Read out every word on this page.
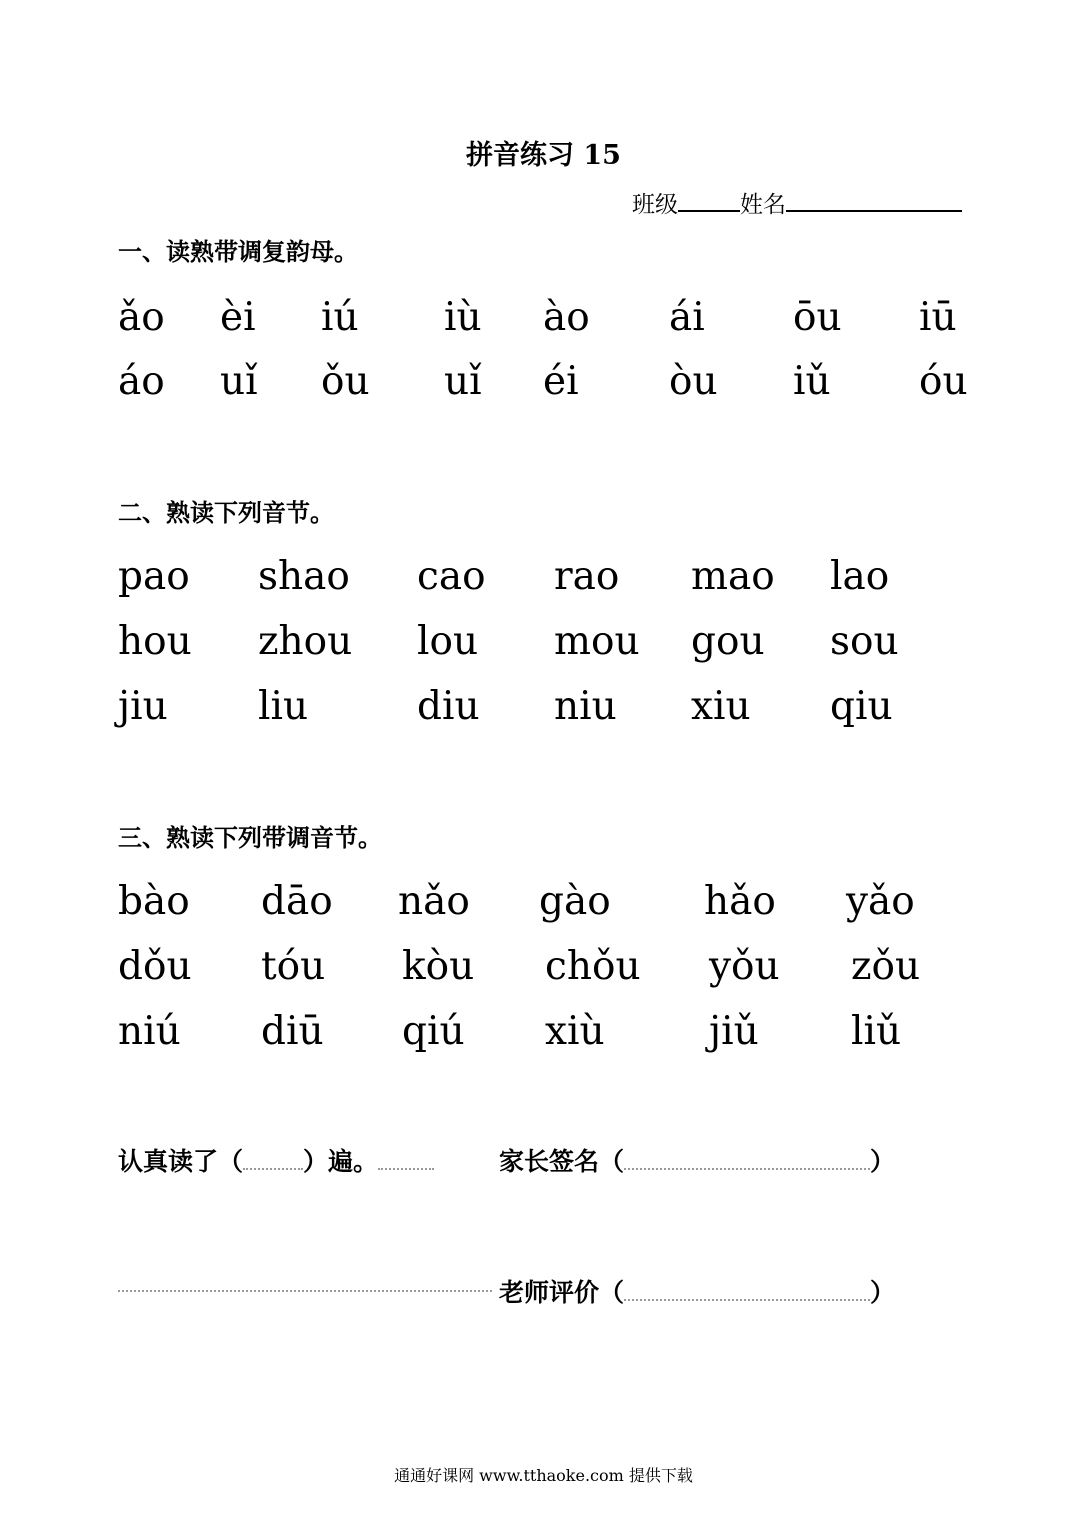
拼音练习 15
班级	姓名
一、读熟带调复韵母。
ǎo èi iú iù ào ái ōu iū
áo uǐ ǒu uǐ éi òu iǔ óu
二、熟读下列音节。
pao shao cao rao mao lao
hou zhou lou mou gou sou
jiu liu	diu niu xiu qiu
三、熟读下列带调音节。
bào dāo nǎo gào hǎo yǎo
dǒu tóu kòu chǒu yǒu zǒu
niú diū qiú xiù	jiǔ liǔ
认真读了（ ）遍。	家长签名（	）
老师评价（	）
通通好课网 www.tthaoke.com 提供下载
